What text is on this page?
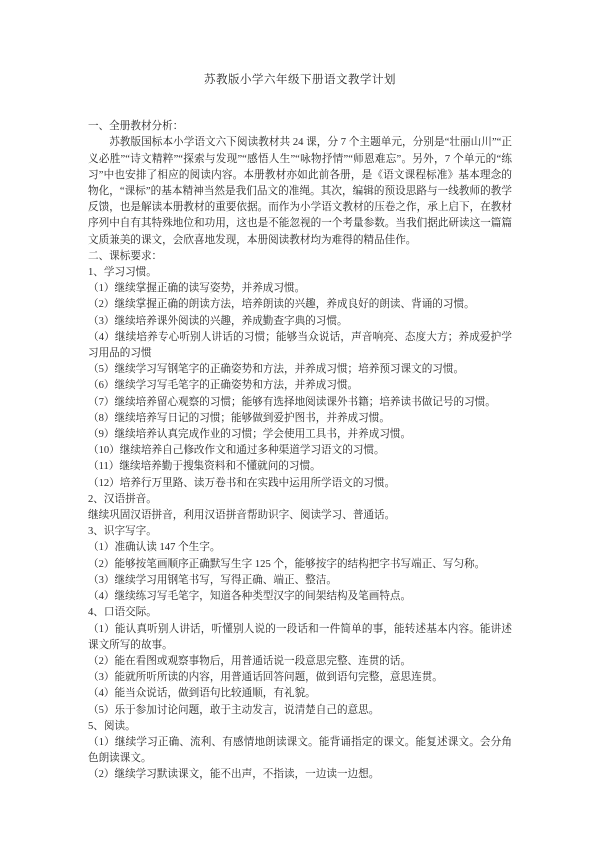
苏教版小学六年级下册语文教学计划

一、全册教材分析：

苏教版国标本小学语文六下阅读教材共 24 课，分 7 个主题单元，分别是“壮丽山川”“正义必胜”“诗文精粹”“探索与发现”“感悟人生”“咏物抒情”“师恩难忘”。另外，7 个单元的“练习”中也安排了相应的阅读内容。本册教材亦如此前各册，是《语文课程标准》基本理念的物化，“课标”的基本精神当然是我们品文的准绳。其次，编辑的预设思路与一线教师的教学反馈，也是解读本册教材的重要依据。而作为小学语文教材的压卷之作，承上启下，在教材序列中自有其特殊地位和功用，这也是不能忽视的一个考量参数。当我们据此研读这一篇篇文质兼美的课文，会欣喜地发现，本册阅读教材均为难得的精品佳作。

二、课标要求：

1、学习习惯。

（1）继续掌握正确的读写姿势，并养成习惯。

（2）继续掌握正确的朗读方法，培养朗读的兴趣，养成良好的朗读、背诵的习惯。

（3）继续培养课外阅读的兴趣，养成勤查字典的习惯。

（4）继续培养专心听别人讲话的习惯；能够当众说话，声音响亮、态度大方；养成爱护学习用品的习惯

（5）继续学习写钢笔字的正确姿势和方法，并养成习惯；培养预习课文的习惯。

（6）继续学习写毛笔字的正确姿势和方法，并养成习惯。

（7）继续培养留心观察的习惯；能够有选择地阅读课外书籍；培养读书做记号的习惯。

（8）继续培养写日记的习惯；能够做到爱护图书，并养成习惯。

（9）继续培养认真完成作业的习惯；学会使用工具书，并养成习惯。

（10）继续培养自己修改作文和通过多种渠道学习语文的习惯。

（11）继续培养勤于搜集资料和不懂就问的习惯。

（12）培养行万里路、读万卷书和在实践中运用所学语文的习惯。

2、汉语拼音。

继续巩固汉语拼音，利用汉语拼音帮助识字、阅读学习、普通话。

3、识字写字。

（1）准确认读 147 个生字。

（2）能够按笔画顺序正确默写生字 125 个，能够按字的结构把字书写端正、写匀称。

（3）继续学习用钢笔书写，写得正确、端正、整洁。

（4）继续练习写毛笔字，知道各种类型汉字的间架结构及笔画特点。

4、口语交际。

（1）能认真听别人讲话，听懂别人说的一段话和一件简单的事，能转述基本内容。能讲述课文所写的故事。

（2）能在看图或观察事物后，用普通话说一段意思完整、连贯的话。

（3）能就所听所读的内容，用普通话回答问题，做到语句完整，意思连贯。

（4）能当众说话，做到语句比较通顺，有礼貌。

（5）乐于参加讨论问题，敢于主动发言，说清楚自己的意思。

5、阅读。

（1）继续学习正确、流利、有感情地朗读课文。能背诵指定的课文。能复述课文。会分角色朗读课文。

（2）继续学习默读课文，能不出声，不指读，一边读一边想。
